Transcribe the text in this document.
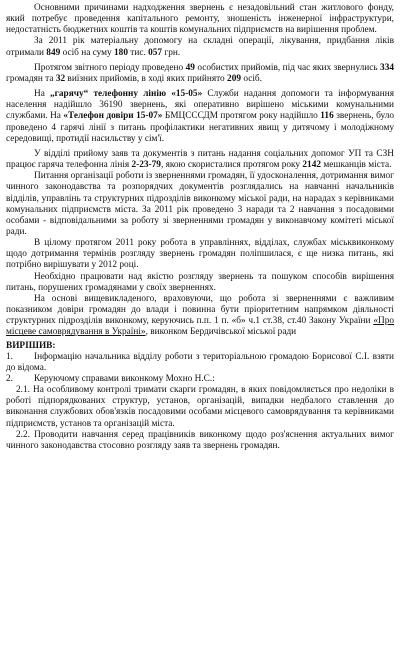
Основними причинами надходження звернень є незадовільний стан житлового фонду, який потребує проведення капітального ремонту, зношеність інженерної інфраструктури, недостатність бюджетних коштів та коштів комунальних підприємств на вирішення проблем.

За 2011 рік матеріальну допомогу на складні операції, лікування, придбання ліків отримали 849 осіб на суму 180 тис. 057 грн.

Протягом звітного періоду проведено 49 особистих прийомів, під час яких звернулись 334 громадян та 32 виїзних прийомів, в ході яких прийнято 209 осіб.

На „гарячу“ телефонну лінію «15-05» Служби надання допомоги та інформування населення надійшло 36190 звернень, які оперативно вирішено міськими комунальними службами. На «Телефон довіри 15-07» БМЦСССДМ протягом року надійшло 116 звернень, було проведено 4 гарячі лінії з питань профілактики негативних явищ у дитячому і молодіжному середовищі, протидії насильству у сім'ї.

У відділі прийому заяв та документів з питань надання соціальних допомог УП та СЗН працює гаряча телефонна лінія 2-23-79, якою скористалися протягом року 2142 мешканців міста.

Питання організації роботи із зверненнями громадян, її удосконалення, дотримання вимог чинного законодавства та розпорядчих документів розглядались на навчанні начальників відділів, управлінь та структурних підрозділів виконкому міської ради, на нарадах з керівниками комунальних підприємств міста. За 2011 рік проведено 3 наради та 2 навчання з посадовими особами - відповідальними за роботу зі зверненнями громадян у виконавчому комітеті міської ради.

В цілому протягом 2011 року робота в управліннях, відділах, службах міськвиконкому щодо дотримання термінів розгляду звернень громадян поліпшилася, є ще низка питань, які потрібно вирішувати у 2012 році.

Необхідно працювати над якістю розгляду звернень та пошуком способів вирішення питань, порушених громадянами у своїх зверненнях.

На основі вищевикладеного, враховуючи, що робота зі зверненнями є важливим показником довіри громадян до влади і повинна бути пріоритетним напрямком діяльності структурних підрозділів виконкому, керуючись п.п. 1 п. «б» ч.1 ст.38, ст.40 Законy України «Про місцеве самоврядування в Україні», виконком Бердичівської міської ради

ВИРІШИВ:

1. Інформацію начальника відділу роботи з територіальною громадою Борисової С.І. взяти до відома.

2. Керуючому справами виконкому Мохно Н.С.:

2.1. На особливому контролі тримати скарги громадян, в яких повідомляється про недоліки в роботі підпорядкованих структур, установ, організацій, випадки недбалого ставлення до виконання службових обов'язків посадовими особами місцевого самоврядування та керівниками підприємств, установ та організацій міста.

2.2. Проводити навчання серед працівників виконкому щодо роз'яснення актуальних вимог чинного законодавства стосовно розгляду заяв та звернень громадян.
